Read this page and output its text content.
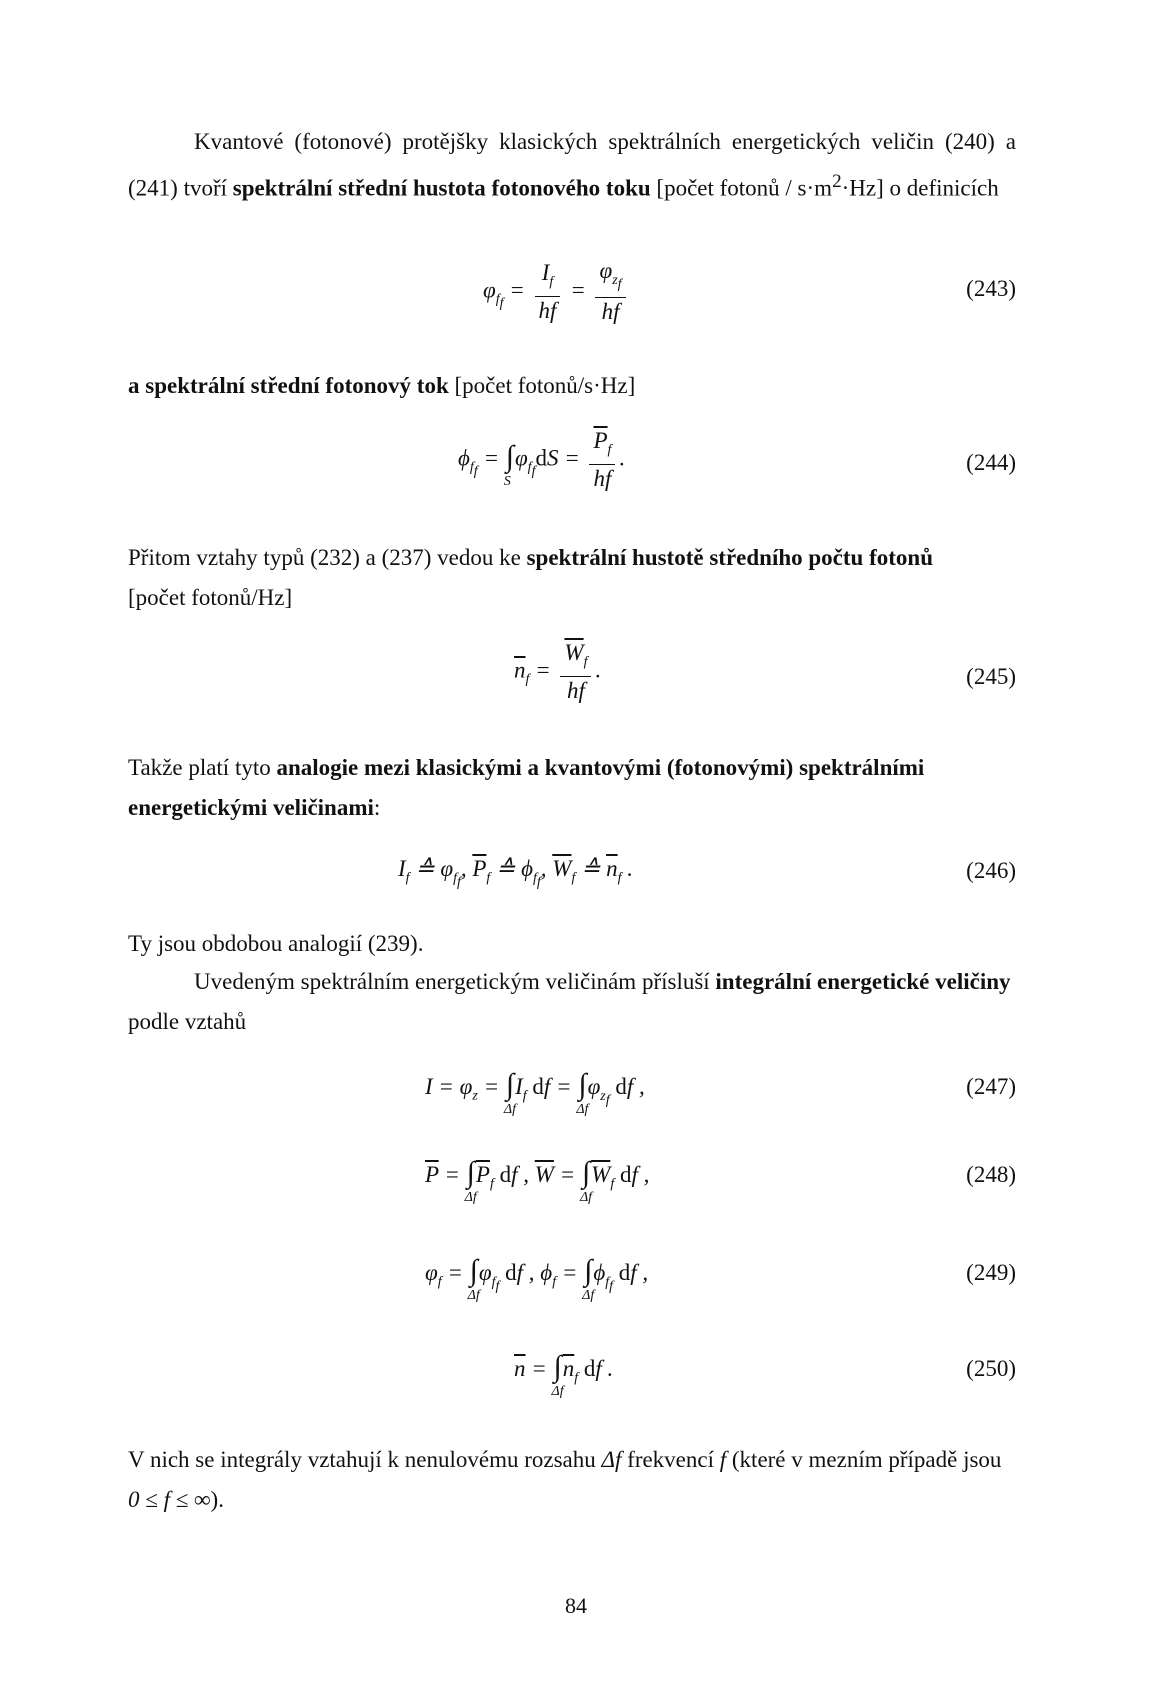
Kvantové (fotonové) protějšky klasických spektrálních energetických veličin (240) a (241) tvoří spektrální střední hustota fotonového toku [počet fotonů / $s\cdot m^2\cdot Hz$] o definicích
$\varphi_{f_f} = \frac{I_f}{hf} = \frac{\varphi_{z_f}}{hf}$	(243)
a spektrální střední fotonový tok [počet fotonů/s·Hz]
$\phi_{f_f}$ = ∫
S
$\varphi_{f_f}dS = \frac{\overline{P}_f}{hf}$ .	(244)
Přitom vztahy typů (232) a (237) vedou ke spektrální hustotě středního počtu fotonů
[počet fotonů/Hz]
$\overline{n}_f = \frac{\overline{W}_f}{hf}$ .	(245)
Takže platí tyto analogie mezi klasickými a kvantovými (fotonovými) spektrálními energetickými veličinami:
$I_f$ ≙ $\varphi_{f_f}$, $\overline{P}_f$ ≙ $\phi_{f_f}$, $\overline{W}_f$ ≙ $\overline{n}_f$ .	(246)
Ty jsou obdobou analogií (239).
Uvedeným spektrálním energetickým veličinám přísluší integrální energetické veličiny podle vztahů
$I = \varphi_z$ = ∫
Δf
$I_f$ df = ∫
Δf
$\varphi_{z_f}$ df ,	(247)
$\overline{P}$ = ∫
Δf
$\overline{P}_f$ df , $\overline{W}$ = ∫
Δf
$\overline{W}_f$ df ,	(248)
$\varphi_f$ = ∫
Δf
$\varphi_{f_f}$ df , $\phi_f$ = ∫
Δf
$\phi_{f_f}$ df ,	(249)
$\overline{n}$ = ∫
Δf
$\overline{n}_f$ df .	(250)
V nich se integrály vztahují k nenulovému rozsahu Δf frekvencí f (které v mezním případě jsou 0 ≤ f ≤ ∞).
84
